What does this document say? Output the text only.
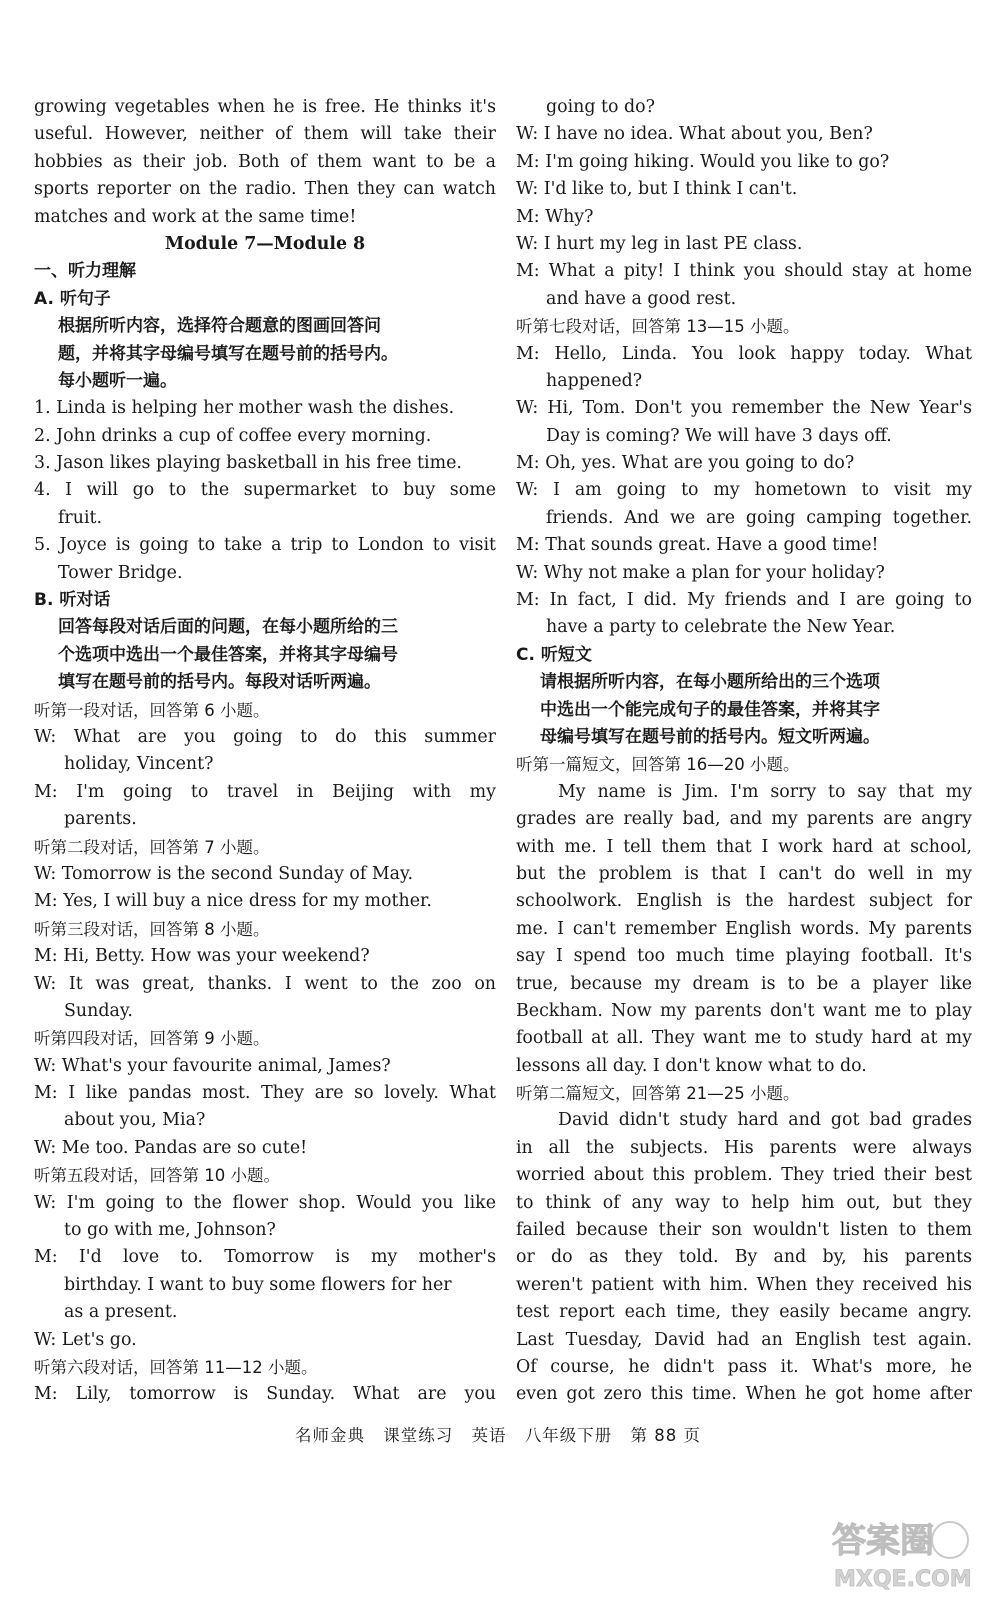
growing vegetables when he is free. He thinks it's
useful. However, neither of them will take their
hobbies as their job. Both of them want to be a
sports reporter on the radio. Then they can watch
matches and work at the same time!
Module 7—Module 8
一、听力理解
A. 听句子
根据所听内容，选择符合题意的图画回答问
题，并将其字母编号填写在题号前的括号内。
每小题听一遍。
1. Linda is helping her mother wash the dishes.
2. John drinks a cup of coffee every morning.
3. Jason likes playing basketball in his free time.
4. I will go to the supermarket to buy some
fruit.
5. Joyce is going to take a trip to London to visit
Tower Bridge.
B. 听对话
回答每段对话后面的问题，在每小题所给的三
个选项中选出一个最佳答案，并将其字母编号
填写在题号前的括号内。每段对话听两遍。
听第一段对话，回答第 6 小题。
W: What are you going to do this summer
holiday, Vincent?
M: I'm going to travel in Beijing with my
parents.
听第二段对话，回答第 7 小题。
W: Tomorrow is the second Sunday of May.
M: Yes, I will buy a nice dress for my mother.
听第三段对话，回答第 8 小题。
M: Hi, Betty. How was your weekend?
W: It was great, thanks. I went to the zoo on
Sunday.
听第四段对话，回答第 9 小题。
W: What's your favourite animal, James?
M: I like pandas most. They are so lovely. What
about you, Mia?
W: Me too. Pandas are so cute!
听第五段对话，回答第 10 小题。
W: I'm going to the flower shop. Would you like
to go with me, Johnson?
M: I'd love to. Tomorrow is my mother's
birthday. I want to buy some flowers for her
as a present.
W: Let's go.
听第六段对话，回答第 11—12 小题。
M: Lily, tomorrow is Sunday. What are you
going to do?
W: I have no idea. What about you, Ben?
M: I'm going hiking. Would you like to go?
W: I'd like to, but I think I can't.
M: Why?
W: I hurt my leg in last PE class.
M: What a pity! I think you should stay at home
and have a good rest.
听第七段对话，回答第 13—15 小题。
M: Hello, Linda. You look happy today. What
happened?
W: Hi, Tom. Don't you remember the New Year's
Day is coming? We will have 3 days off.
M: Oh, yes. What are you going to do?
W: I am going to my hometown to visit my
friends. And we are going camping together.
M: That sounds great. Have a good time!
W: Why not make a plan for your holiday?
M: In fact, I did. My friends and I are going to
have a party to celebrate the New Year.
C. 听短文
请根据所听内容，在每小题所给出的三个选项
中选出一个能完成句子的最佳答案，并将其字
母编号填写在题号前的括号内。短文听两遍。
听第一篇短文，回答第 16—20 小题。
My name is Jim. I'm sorry to say that my
grades are really bad, and my parents are angry
with me. I tell them that I work hard at school,
but the problem is that I can't do well in my
schoolwork. English is the hardest subject for
me. I can't remember English words. My parents
say I spend too much time playing football. It's
true, because my dream is to be a player like
Beckham. Now my parents don't want me to play
football at all. They want me to study hard at my
lessons all day. I don't know what to do.
听第二篇短文，回答第 21—25 小题。
David didn't study hard and got bad grades
in all the subjects. His parents were always
worried about this problem. They tried their best
to think of any way to help him out, but they
failed because their son wouldn't listen to them
or do as they told. By and by, his parents
weren't patient with him. When they received his
test report each time, they easily became angry.
Last Tuesday, David had an English test again.
Of course, he didn't pass it. What's more, he
even got zero this time. When he got home after
名师金典 课堂练习 英语 八年级下册 第 88 页
答案圈
MXQE.COM
